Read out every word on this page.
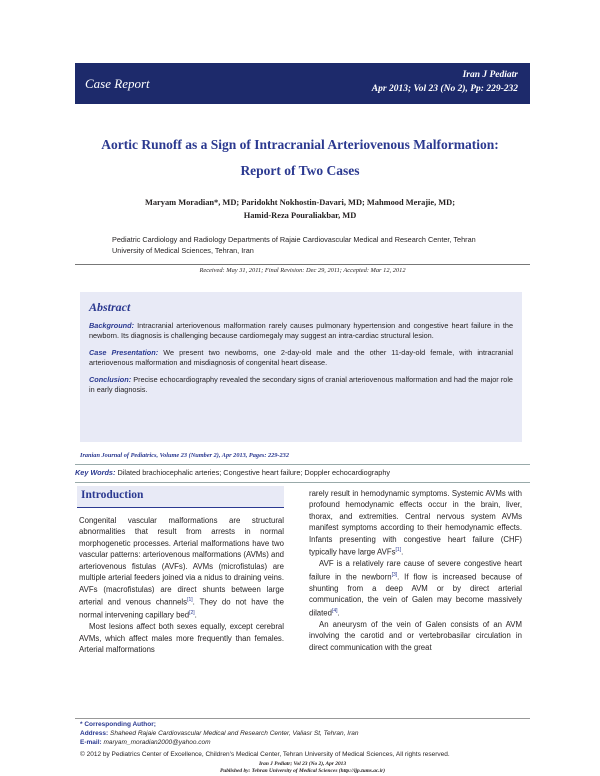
Case Report
Iran J Pediatr
Apr 2013; Vol 23 (No 2), Pp: 229-232
Aortic Runoff as a Sign of Intracranial Arteriovenous Malformation:
Report of Two Cases
Maryam Moradian*, MD; Paridokht Nokhostin-Davari, MD; Mahmood Merajie, MD;
Hamid-Reza Pouraliakbar, MD
Pediatric Cardiology and Radiology Departments of Rajaie Cardiovascular Medical and Research Center, Tehran
University of Medical Sciences, Tehran, Iran
Received: May 31, 2011; Final Revision: Dec 29, 2011; Accepted: Mar 12, 2012
Abstract

Background: Intracranial arteriovenous malformation rarely causes pulmonary hypertension and congestive heart failure in the newborn. Its diagnosis is challenging because cardiomegaly may suggest an intra-cardiac structural lesion.

Case Presentation: We present two newborns, one 2-day-old male and the other 11-day-old female, with intracranial arteriovenous malformation and misdiagnosis of congenital heart disease.

Conclusion: Precise echocardiography revealed the secondary signs of cranial arteriovenous malformation and had the major role in early diagnosis.

Iranian Journal of Pediatrics, Volume 23 (Number 2), Apr 2013, Pages: 229-232
Key Words: Dilated brachiocephalic arteries; Congestive heart failure; Doppler echocardiography
Introduction

Congenital vascular malformations are structural abnormalities that result from arrests in normal morphogenetic processes. Arterial malformations have two vascular patterns: arteriovenous malformations (AVMs) and arteriovenous fistulas (AVFs). AVMs (microfistulas) are multiple arterial feeders joined via a nidus to draining veins. AVFs (macrofistulas) are direct shunts between large arterial and venous channels[1]. They do not have the normal intervening capillary bed[2].

Most lesions affect both sexes equally, except cerebral AVMs, which affect males more frequently than females. Arterial malformations

rarely result in hemodynamic symptoms. Systemic AVMs with profound hemodynamic effects occur in the brain, liver, thorax, and extremities. Central nervous system AVMs manifest symptoms according to their hemodynamic effects. Infants presenting with congestive heart failure (CHF) typically have large AVFs[1].

AVF is a relatively rare cause of severe congestive heart failure in the newborn[3]. If flow is increased because of shunting from a deep AVM or by direct arterial communication, the vein of Galen may become massively dilated[4].

An aneurysm of the vein of Galen consists of an AVM involving the carotid and or vertebrobasilar circulation in direct communication with the great

* Corresponding Author;
Address: Shaheed Rajaie Cardiovascular Medical and Research Center, Valiasr St, Tehran, Iran
E-mail: maryam_moradian2000@yahoo.com
© 2012 by Pediatrics Center of Excellence, Children's Medical Center, Tehran University of Medical Sciences, All rights reserved.
Iran J Pediatr; Vol 23 (No 2), Apr 2013
Published by: Tehran University of Medical Sciences (http://ijp.tums.ac.ir)
